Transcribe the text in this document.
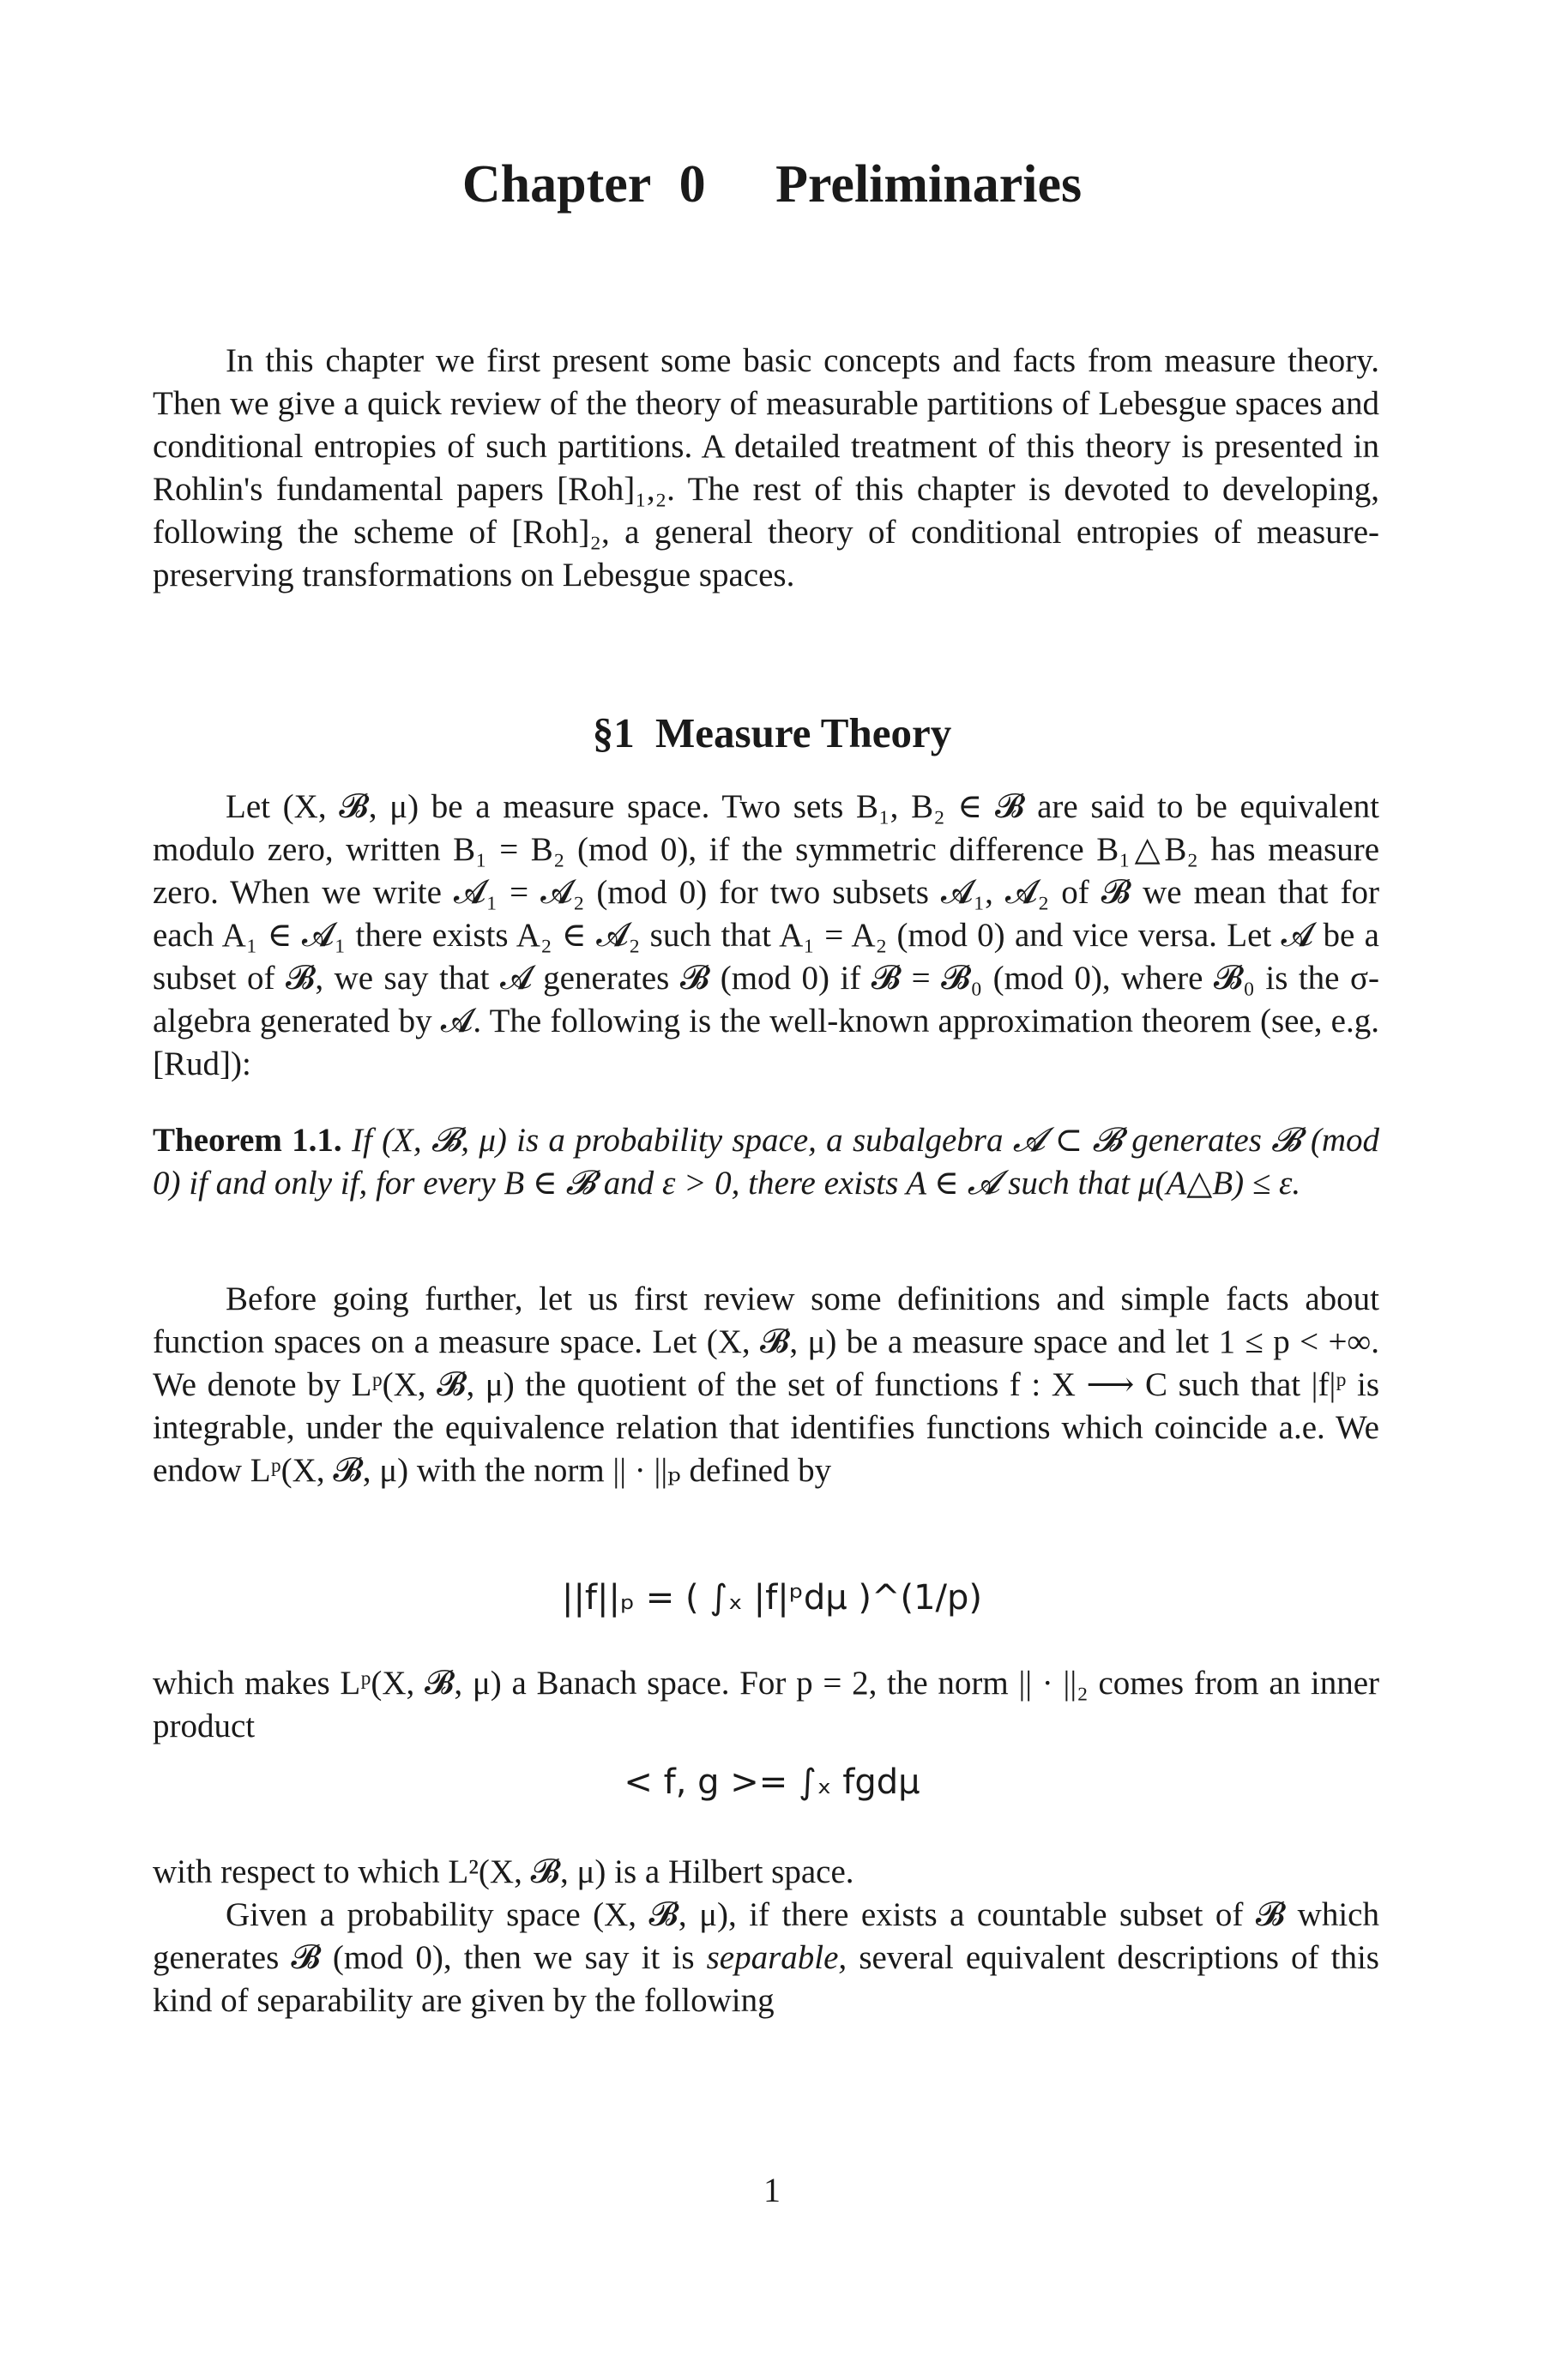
Chapter 0 Preliminaries

In this chapter we first present some basic concepts and facts from measure theory. Then we give a quick review of the theory of measurable partitions of Lebesgue spaces and conditional entropies of such partitions. A detailed treatment of this theory is presented in Rohlin's fundamental papers [Roh]₁,₂. The rest of this chapter is devoted to developing, following the scheme of [Roh]₂, a general theory of conditional entropies of measure-preserving transformations on Lebesgue spaces.

§1 Measure Theory

Let (X, 𝓑, μ) be a measure space. Two sets B₁, B₂ ∈ 𝓑 are said to be equivalent modulo zero, written B₁ = B₂ (mod 0), if the symmetric difference B₁△B₂ has measure zero. When we write 𝓐₁ = 𝓐₂ (mod 0) for two subsets 𝓐₁, 𝓐₂ of 𝓑 we mean that for each A₁ ∈ 𝓐₁ there exists A₂ ∈ 𝓐₂ such that A₁ = A₂ (mod 0) and vice versa. Let 𝓐 be a subset of 𝓑, we say that 𝓐 generates 𝓑 (mod 0) if 𝓑 = 𝓑₀ (mod 0), where 𝓑₀ is the σ-algebra generated by 𝓐. The following is the well-known approximation theorem (see, e.g. [Rud]):

Theorem 1.1. If (X, 𝓑, μ) is a probability space, a subalgebra 𝓐 ⊂ 𝓑 generates 𝓑 (mod 0) if and only if, for every B ∈ 𝓑 and ε > 0, there exists A ∈ 𝓐 such that μ(A△B) ≤ ε.

Before going further, let us first review some definitions and simple facts about function spaces on a measure space. Let (X, 𝓑, μ) be a measure space and let 1 ≤ p < +∞. We denote by Lᵖ(X, 𝓑, μ) the quotient of the set of functions f : X ⟶ C such that |f|ᵖ is integrable, under the equivalence relation that identifies functions which coincide a.e. We endow Lᵖ(X, 𝓑, μ) with the norm || · ||ₚ defined by

||f||ₚ = ( ∫ₓ |f|ᵖdμ )^(1/p)

which makes Lᵖ(X, 𝓑, μ) a Banach space. For p = 2, the norm || · ||₂ comes from an inner product

< f, g >= ∫ₓ fgdμ

with respect to which L²(X, 𝓑, μ) is a Hilbert space.

Given a probability space (X, 𝓑, μ), if there exists a countable subset of 𝓑 which generates 𝓑 (mod 0), then we say it is separable, several equivalent descriptions of this kind of separability are given by the following

1
